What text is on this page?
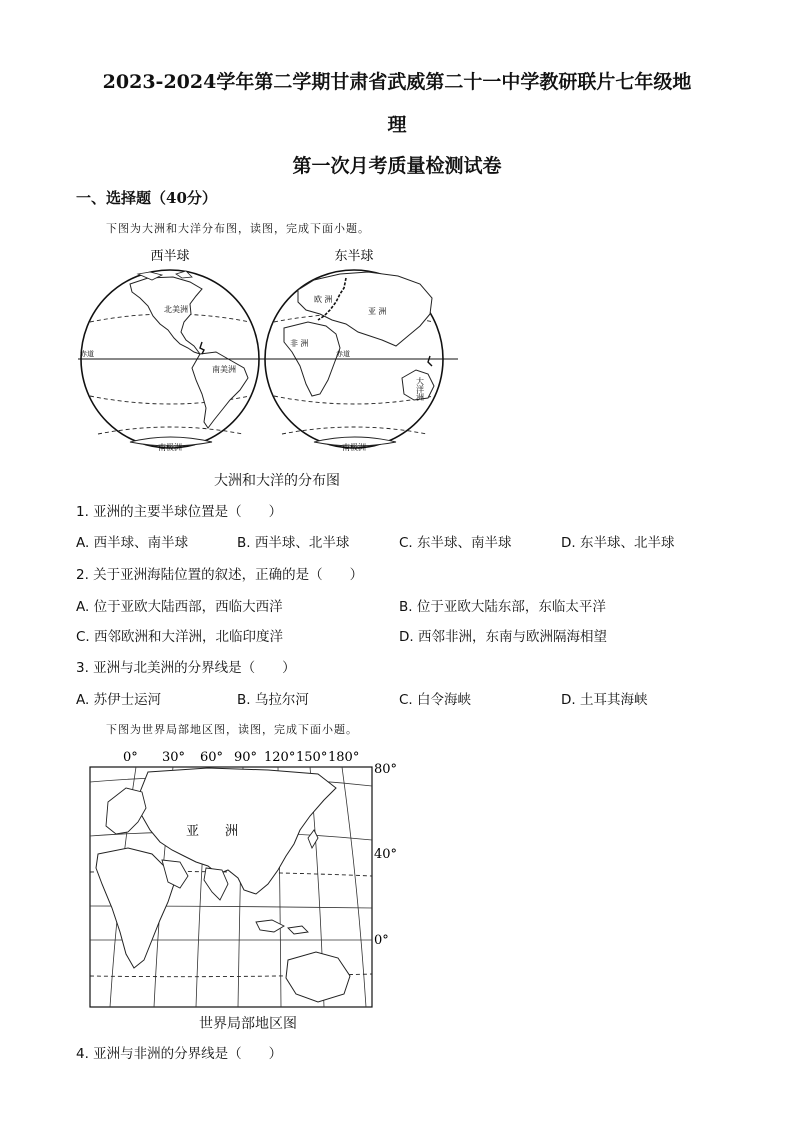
2023-2024学年第二学期甘肃省武威第二十一中学教研联片七年级地
理
第一次月考质量检测试卷
一、选择题（40分）
下图为大洲和大洋分布图，读图，完成下面小题。
西半球	东半球
北美洲
南美洲
南极洲
赤道
欧 洲
亚 洲
非 洲
赤道
大
洋
洲
南极洲
大洲和大洋的分布图
1. 亚洲的主要半球位置是（　　）
A. 西半球、南半球	B. 西半球、北半球	C. 东半球、南半球	D. 东半球、北半球
2. 关于亚洲海陆位置的叙述，正确的是（　　）
A. 位于亚欧大陆西部，西临大西洋	B. 位于亚欧大陆东部，东临太平洋
C. 西邻欧洲和大洋洲，北临印度洋	D. 西邻非洲，东南与欧洲隔海相望
3. 亚洲与北美洲的分界线是（　　）
A. 苏伊士运河	B. 乌拉尔河	C. 白令海峡	D. 土耳其海峡
下图为世界局部地区图，读图，完成下面小题。
0° 30° 60° 90° 120° 150° 180°
80°
40°
0°
亚　　洲
世界局部地区图
4. 亚洲与非洲的分界线是（　　）
